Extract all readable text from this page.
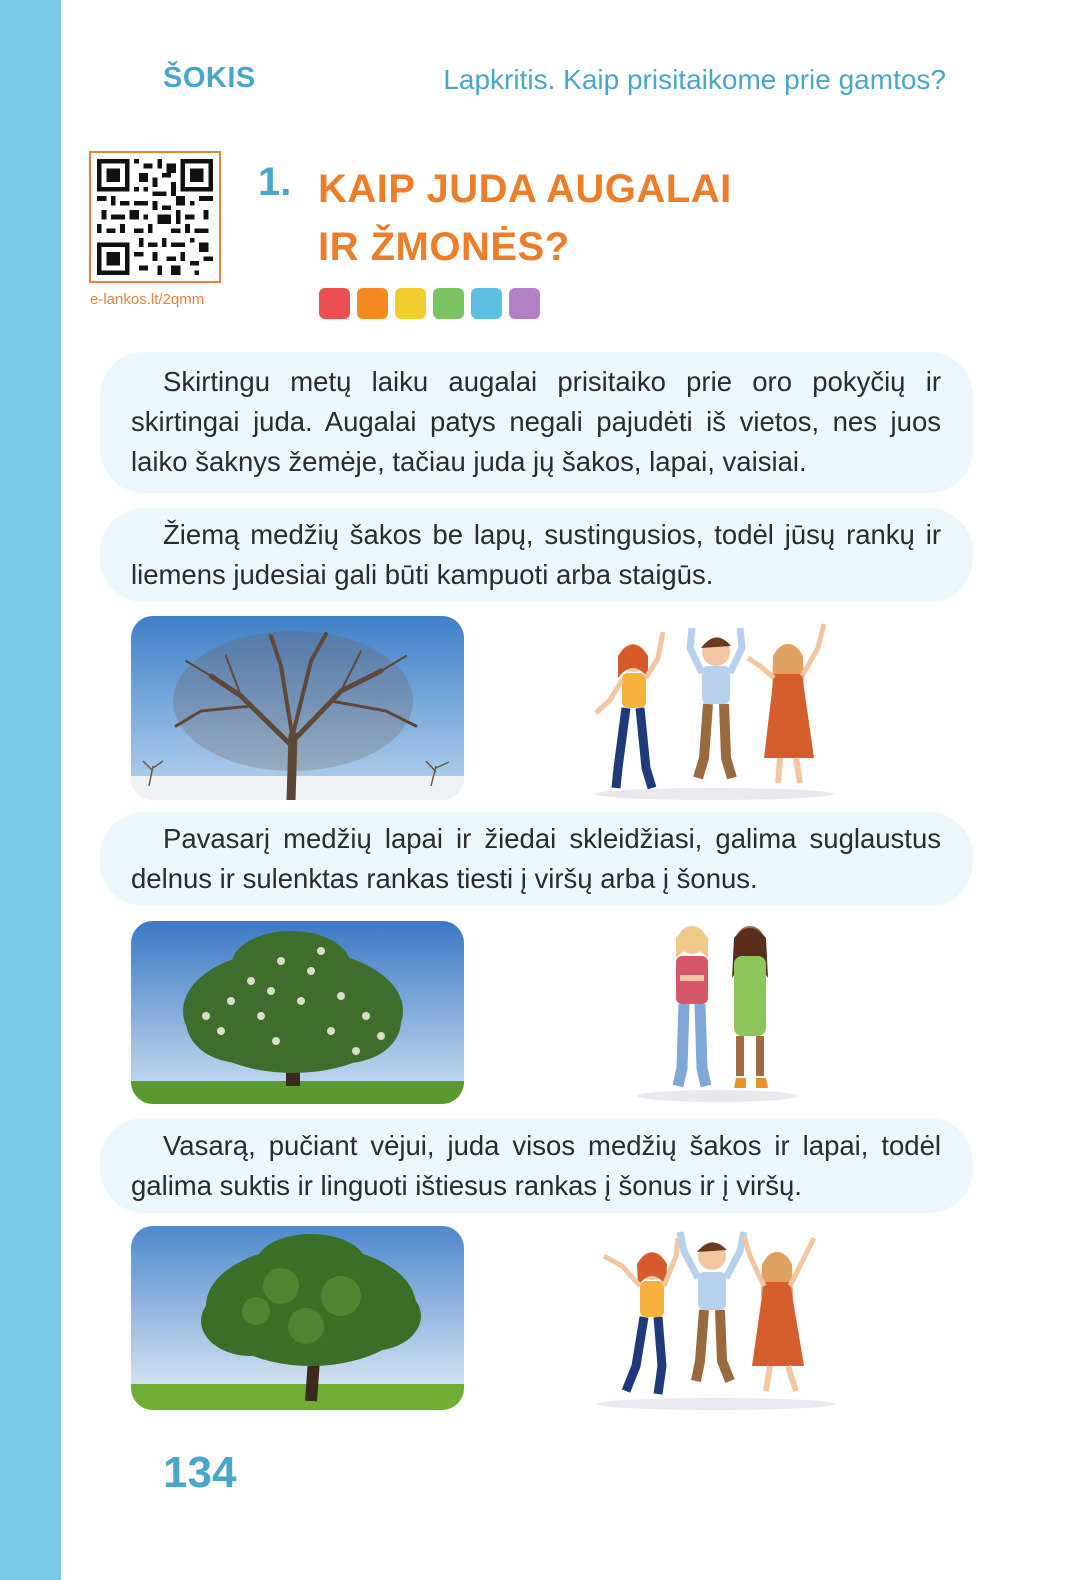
ŠOKIS	Lapkritis. Kaip prisitaikome prie gamtos?
e-lankos.lt/2qmm
1. KAIP JUDA AUGALAI
IR ŽMONĖS?

Skirtingu metų laiku augalai prisitaiko prie oro pokyčių ir skirtingai juda. Augalai patys negali pajudėti iš vietos, nes juos laiko šaknys žemėje, tačiau juda jų šakos, lapai, vaisiai.

Žiemą medžių šakos be lapų, sustingusios, todėl jūsų rankų ir liemens judesiai gali būti kampuoti arba staigūs.

Pavasarį medžių lapai ir žiedai skleidžiasi, galima suglaustus delnus ir sulenktas rankas tiesti į viršų arba į šonus.

Vasarą, pučiant vėjui, juda visos medžių šakos ir lapai, todėl galima suktis ir linguoti ištiesus rankas į šonus ir į viršų.

134
